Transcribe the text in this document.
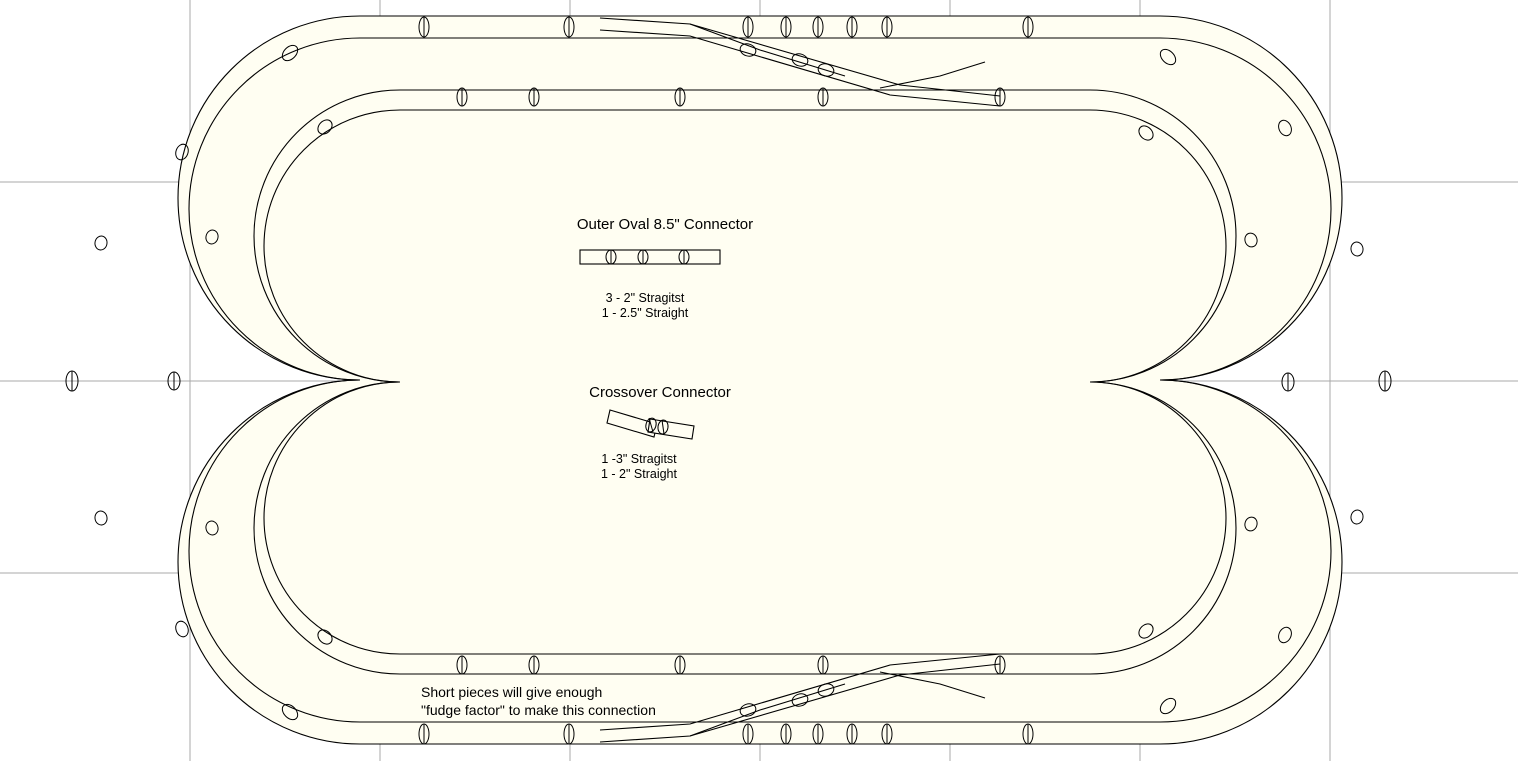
Outer Oval 8.5" Connector
3 - 2" Stragitst
1 - 2.5" Straight
Crossover Connector
1 -3" Stragitst
1 - 2" Straight
Short pieces will give enough
"fudge factor" to make this connection
